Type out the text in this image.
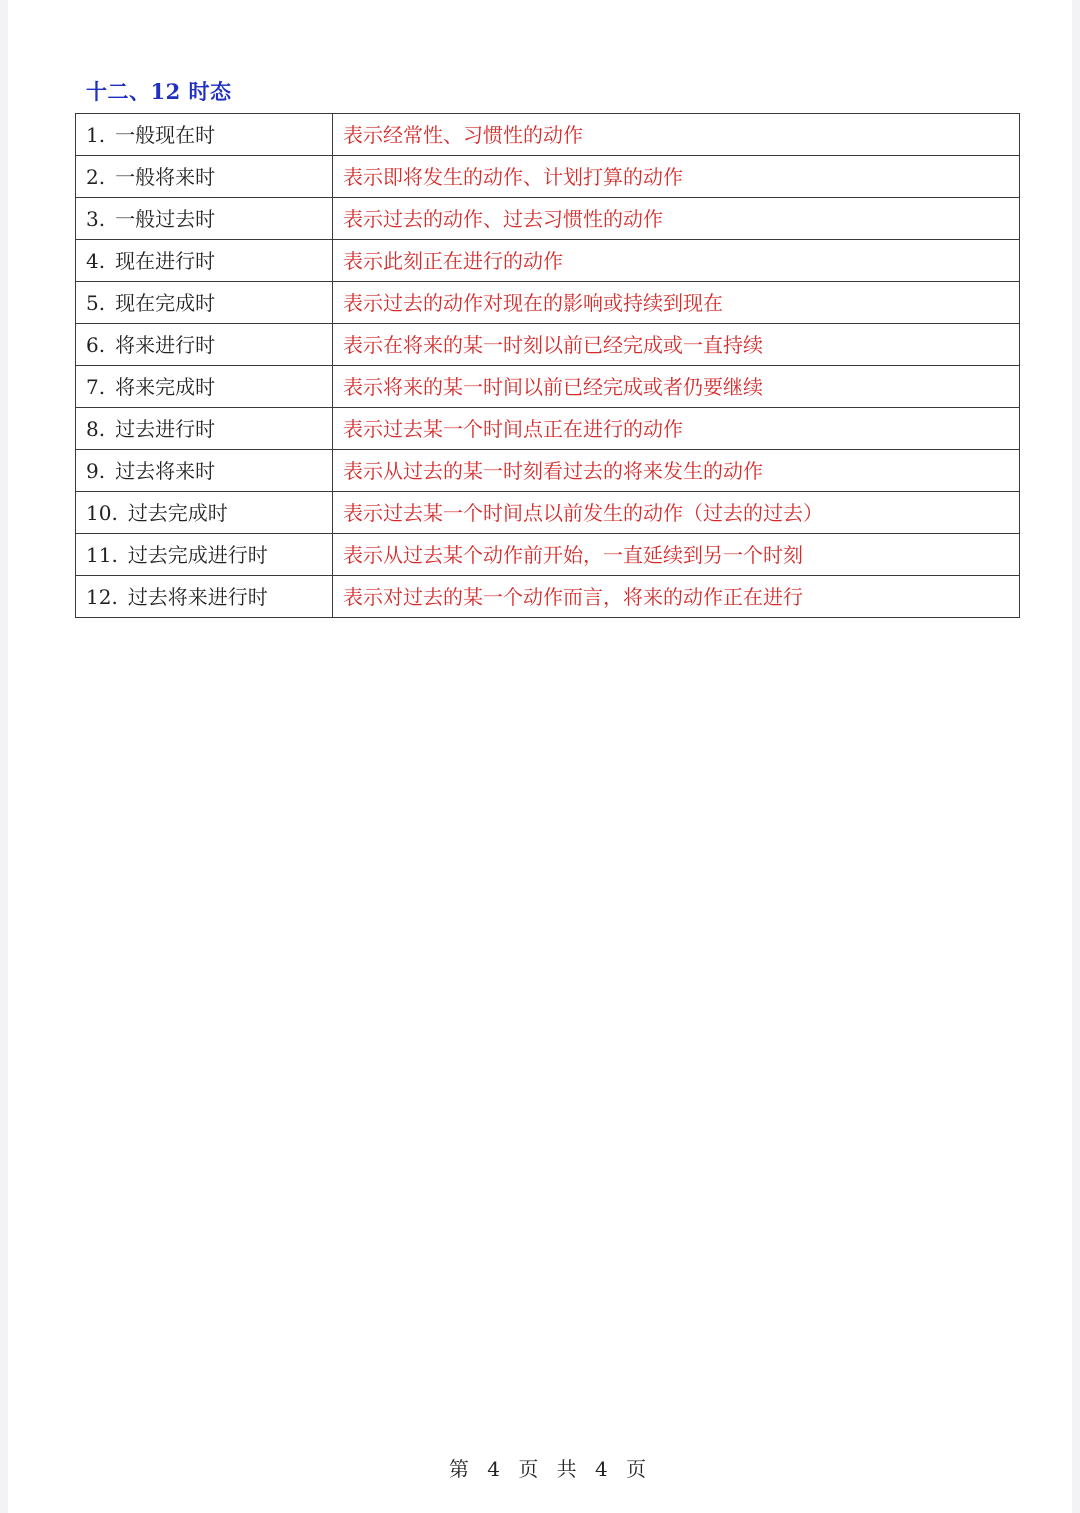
十二、12 时态
1. 一般现在时	表示经常性、习惯性的动作
2. 一般将来时	表示即将发生的动作、计划打算的动作
3. 一般过去时	表示过去的动作、过去习惯性的动作
4. 现在进行时	表示此刻正在进行的动作
5. 现在完成时	表示过去的动作对现在的影响或持续到现在
6. 将来进行时	表示在将来的某一时刻以前已经完成或一直持续
7. 将来完成时	表示将来的某一时间以前已经完成或者仍要继续
8. 过去进行时	表示过去某一个时间点正在进行的动作
9. 过去将来时	表示从过去的某一时刻看过去的将来发生的动作
10. 过去完成时	表示过去某一个时间点以前发生的动作（过去的过去）
11. 过去完成进行时	表示从过去某个动作前开始，一直延续到另一个时刻
12. 过去将来进行时	表示对过去的某一个动作而言，将来的动作正在进行
第 4 页 共 4 页
